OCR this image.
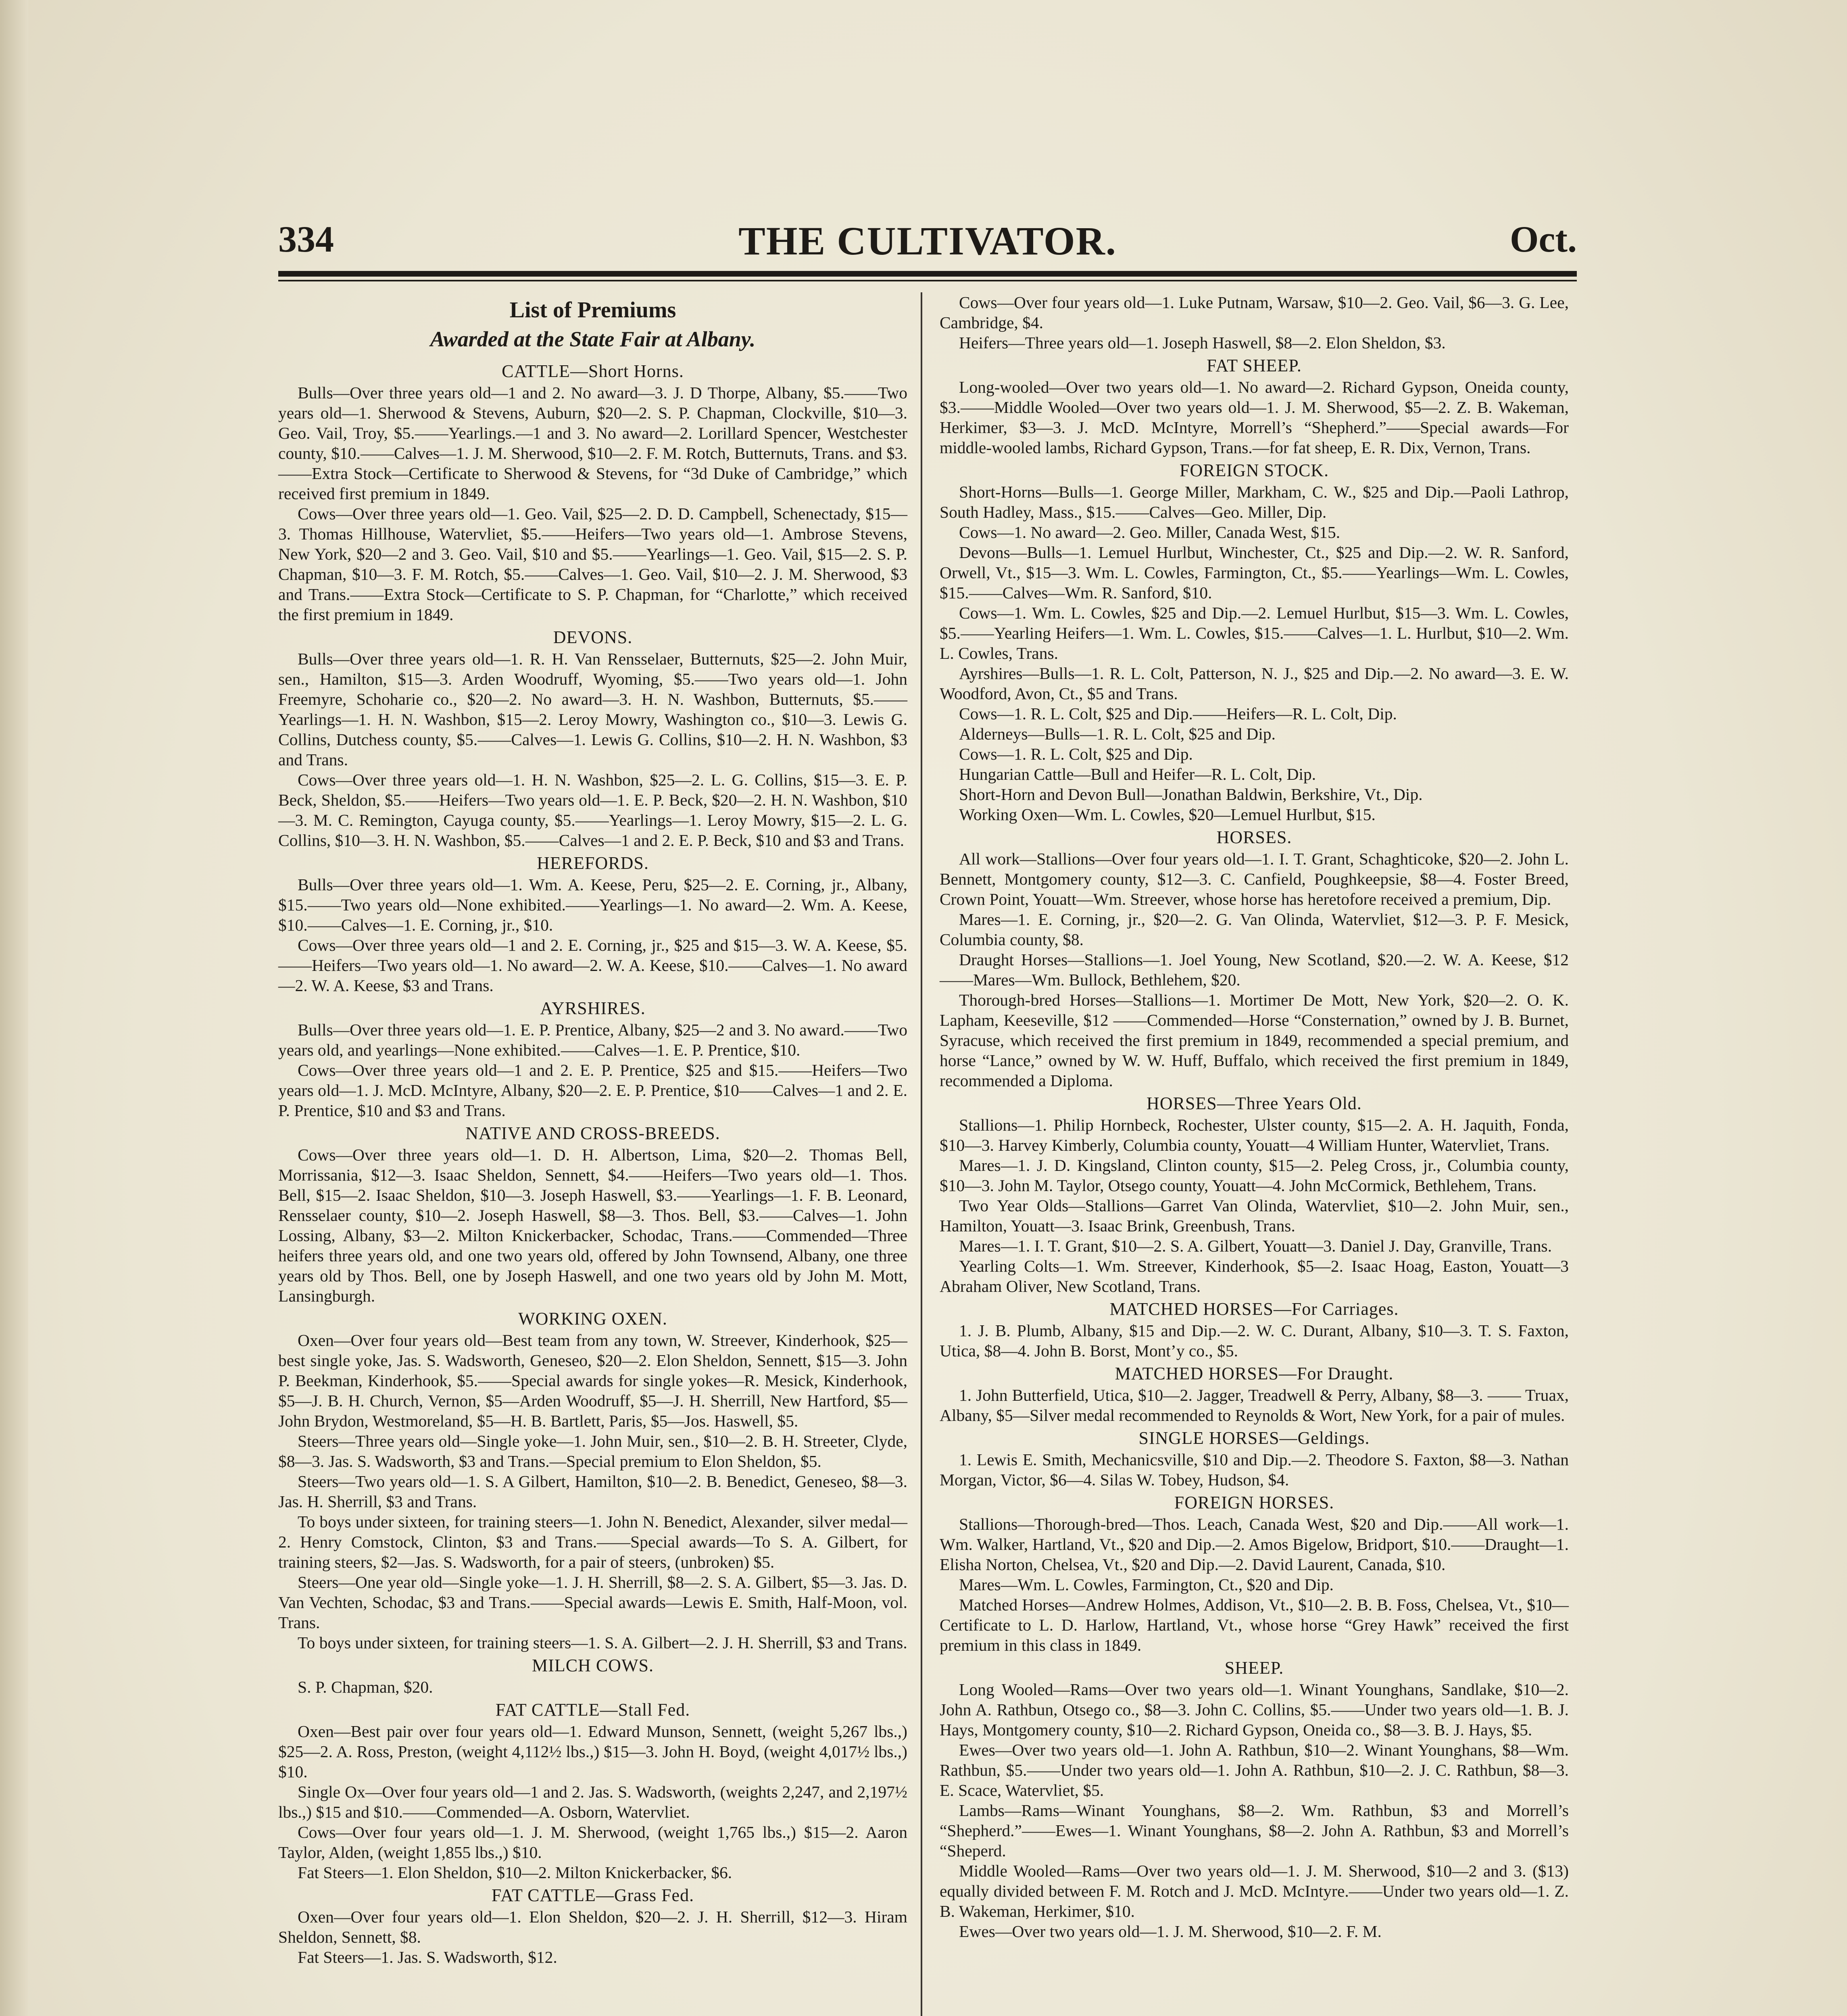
THE CULTIVATOR.
334	Oct.
List of Premiums
Awarded at the State Fair at Albany.
CATTLE—Short Horns.

Bulls—Over three years old—1 and 2. No award—3. J. D Thorpe, Albany, $5.——Two years old—1. Sherwood & Stevens, Auburn, $20—2. S. P. Chapman, Clockville, $10—3. Geo. Vail, Troy, $5.——Yearlings.—1 and 3. No award—2. Lorillard Spencer, Westchester county, $10.——Calves—1. J. M. Sherwood, $10—2. F. M. Rotch, Butternuts, Trans. and $3.——Extra Stock—Certificate to Sherwood & Stevens, for “3d Duke of Cambridge,” which received first premium in 1849.

Cows—Over three years old—1. Geo. Vail, $25—2. D. D. Campbell, Schenectady, $15—3. Thomas Hillhouse, Watervliet, $5.——Heifers—Two years old—1. Ambrose Stevens, New York, $20—2 and 3. Geo. Vail, $10 and $5.——Yearlings—1. Geo. Vail, $15—2. S. P. Chapman, $10—3. F. M. Rotch, $5.——Calves—1. Geo. Vail, $10—2. J. M. Sherwood, $3 and Trans.——Extra Stock—Certificate to S. P. Chapman, for “Charlotte,” which received the first premium in 1849.

DEVONS.

Bulls—Over three years old—1. R. H. Van Rensselaer, Butternuts, $25—2. John Muir, sen., Hamilton, $15—3. Arden Woodruff, Wyoming, $5.——Two years old—1. John Freemyre, Schoharie co., $20—2. No award—3. H. N. Washbon, Butternuts, $5.——Yearlings—1. H. N. Washbon, $15—2. Leroy Mowry, Washington co., $10—3. Lewis G. Collins, Dutchess county, $5.——Calves—1. Lewis G. Collins, $10—2. H. N. Washbon, $3 and Trans.

Cows—Over three years old—1. H. N. Washbon, $25—2. L. G. Collins, $15—3. E. P. Beck, Sheldon, $5.——Heifers—Two years old—1. E. P. Beck, $20—2. H. N. Washbon, $10—3. M. C. Remington, Cayuga county, $5.——Yearlings—1. Leroy Mowry, $15—2. L. G. Collins, $10—3. H. N. Washbon, $5.——Calves—1 and 2. E. P. Beck, $10 and $3 and Trans.

HEREFORDS.

Bulls—Over three years old—1. Wm. A. Keese, Peru, $25—2. E. Corning, jr., Albany, $15.——Two years old—None exhibited.——Yearlings—1. No award—2. Wm. A. Keese, $10.——Calves—1. E. Corning, jr., $10.

Cows—Over three years old—1 and 2. E. Corning, jr., $25 and $15—3. W. A. Keese, $5.——Heifers—Two years old—1. No award—2. W. A. Keese, $10.——Calves—1. No award—2. W. A. Keese, $3 and Trans.

AYRSHIRES.

Bulls—Over three years old—1. E. P. Prentice, Albany, $25—2 and 3. No award.——Two years old, and yearlings—None exhibited.——Calves—1. E. P. Prentice, $10.

Cows—Over three years old—1 and 2. E. P. Prentice, $25 and $15.——Heifers—Two years old—1. J. McD. McIntyre, Albany, $20—2. E. P. Prentice, $10——Calves—1 and 2. E. P. Prentice, $10 and $3 and Trans.

NATIVE AND CROSS-BREEDS.

Cows—Over three years old—1. D. H. Albertson, Lima, $20—2. Thomas Bell, Morrissania, $12—3. Isaac Sheldon, Sennett, $4.——Heifers—Two years old—1. Thos. Bell, $15—2. Isaac Sheldon, $10—3. Joseph Haswell, $3.——Yearlings—1. F. B. Leonard, Rensselaer county, $10—2. Joseph Haswell, $8—3. Thos. Bell, $3.——Calves—1. John Lossing, Albany, $3—2. Milton Knickerbacker, Schodac, Trans.——Commended—Three heifers three years old, and one two years old, offered by John Townsend, Albany, one three years old by Thos. Bell, one by Joseph Haswell, and one two years old by John M. Mott, Lansingburgh.

WORKING OXEN.

Oxen—Over four years old—Best team from any town, W. Streever, Kinderhook, $25—best single yoke, Jas. S. Wadsworth, Geneseo, $20—2. Elon Sheldon, Sennett, $15—3. John P. Beekman, Kinderhook, $5.——Special awards for single yokes—R. Mesick, Kinderhook, $5—J. B. H. Church, Vernon, $5—Arden Woodruff, $5—J. H. Sherrill, New Hartford, $5—John Brydon, Westmoreland, $5—H. B. Bartlett, Paris, $5—Jos. Haswell, $5.

Steers—Three years old—Single yoke—1. John Muir, sen., $10—2. B. H. Streeter, Clyde, $8—3. Jas. S. Wadsworth, $3 and Trans.—Special premium to Elon Sheldon, $5.

Steers—Two years old—1. S. A Gilbert, Hamilton, $10—2. B. Benedict, Geneseo, $8—3. Jas. H. Sherrill, $3 and Trans.

To boys under sixteen, for training steers—1. John N. Benedict, Alexander, silver medal—2. Henry Comstock, Clinton, $3 and Trans.——Special awards—To S. A. Gilbert, for training steers, $2—Jas. S. Wadsworth, for a pair of steers, (unbroken) $5.

Steers—One year old—Single yoke—1. J. H. Sherrill, $8—2. S. A. Gilbert, $5—3. Jas. D. Van Vechten, Schodac, $3 and Trans.——Special awards—Lewis E. Smith, Half-Moon, vol. Trans.

To boys under sixteen, for training steers—1. S. A. Gilbert—2. J. H. Sherrill, $3 and Trans.

MILCH COWS.

S. P. Chapman, $20.

FAT CATTLE—Stall Fed.

Oxen—Best pair over four years old—1. Edward Munson, Sennett, (weight 5,267 lbs.,) $25—2. A. Ross, Preston, (weight 4,112½ lbs.,) $15—3. John H. Boyd, (weight 4,017½ lbs.,) $10.

Single Ox—Over four years old—1 and 2. Jas. S. Wadsworth, (weights 2,247, and 2,197½ lbs.,) $15 and $10.——Commended—A. Osborn, Watervliet.

Cows—Over four years old—1. J. M. Sherwood, (weight 1,765 lbs.,) $15—2. Aaron Taylor, Alden, (weight 1,855 lbs.,) $10.

Fat Steers—1. Elon Sheldon, $10—2. Milton Knickerbacker, $6.

FAT CATTLE—Grass Fed.

Oxen—Over four years old—1. Elon Sheldon, $20—2. J. H. Sherrill, $12—3. Hiram Sheldon, Sennett, $8.

Fat Steers—1. Jas. S. Wadsworth, $12.

Cows—Over four years old—1. Luke Putnam, Warsaw, $10—2. Geo. Vail, $6—3. G. Lee, Cambridge, $4.

Heifers—Three years old—1. Joseph Haswell, $8—2. Elon Sheldon, $3.

FAT SHEEP.

Long-wooled—Over two years old—1. No award—2. Richard Gypson, Oneida county, $3.——Middle Wooled—Over two years old—1. J. M. Sherwood, $5—2. Z. B. Wakeman, Herkimer, $3—3. J. McD. McIntyre, Morrell’s “Shepherd.”——Special awards—For middle-wooled lambs, Richard Gypson, Trans.—for fat sheep, E. R. Dix, Vernon, Trans.

FOREIGN STOCK.

Short-Horns—Bulls—1. George Miller, Markham, C. W., $25 and Dip.—Paoli Lathrop, South Hadley, Mass., $15.——Calves—Geo. Miller, Dip.

Cows—1. No award—2. Geo. Miller, Canada West, $15.

Devons—Bulls—1. Lemuel Hurlbut, Winchester, Ct., $25 and Dip.—2. W. R. Sanford, Orwell, Vt., $15—3. Wm. L. Cowles, Farmington, Ct., $5.——Yearlings—Wm. L. Cowles, $15.——Calves—Wm. R. Sanford, $10.

Cows—1. Wm. L. Cowles, $25 and Dip.—2. Lemuel Hurlbut, $15—3. Wm. L. Cowles, $5.——Yearling Heifers—1. Wm. L. Cowles, $15.——Calves—1. L. Hurlbut, $10—2. Wm. L. Cowles, Trans.

Ayrshires—Bulls—1. R. L. Colt, Patterson, N. J., $25 and Dip.—2. No award—3. E. W. Woodford, Avon, Ct., $5 and Trans.

Cows—1. R. L. Colt, $25 and Dip.——Heifers—R. L. Colt, Dip.

Alderneys—Bulls—1. R. L. Colt, $25 and Dip.

Cows—1. R. L. Colt, $25 and Dip.

Hungarian Cattle—Bull and Heifer—R. L. Colt, Dip.

Short-Horn and Devon Bull—Jonathan Baldwin, Berkshire, Vt., Dip.

Working Oxen—Wm. L. Cowles, $20—Lemuel Hurlbut, $15.

HORSES.

All work—Stallions—Over four years old—1. I. T. Grant, Schaghticoke, $20—2. John L. Bennett, Montgomery county, $12—3. C. Canfield, Poughkeepsie, $8—4. Foster Breed, Crown Point, Youatt—Wm. Streever, whose horse has heretofore received a premium, Dip.

Mares—1. E. Corning, jr., $20—2. G. Van Olinda, Watervliet, $12—3. P. F. Mesick, Columbia county, $8.

Draught Horses—Stallions—1. Joel Young, New Scotland, $20.—2. W. A. Keese, $12 ——Mares—Wm. Bullock, Bethlehem, $20.

Thorough-bred Horses—Stallions—1. Mortimer De Mott, New York, $20—2. O. K. Lapham, Keeseville, $12 ——Commended—Horse “Consternation,” owned by J. B. Burnet, Syracuse, which received the first premium in 1849, recommended a special premium, and horse “Lance,” owned by W. W. Huff, Buffalo, which received the first premium in 1849, recommended a Diploma.

HORSES—Three Years Old.

Stallions—1. Philip Hornbeck, Rochester, Ulster county, $15—2. A. H. Jaquith, Fonda, $10—3. Harvey Kimberly, Columbia county, Youatt—4 William Hunter, Watervliet, Trans.

Mares—1. J. D. Kingsland, Clinton county, $15—2. Peleg Cross, jr., Columbia county, $10—3. John M. Taylor, Otsego county, Youatt—4. John McCormick, Bethlehem, Trans.

Two Year Olds—Stallions—Garret Van Olinda, Watervliet, $10—2. John Muir, sen., Hamilton, Youatt—3. Isaac Brink, Greenbush, Trans.

Mares—1. I. T. Grant, $10—2. S. A. Gilbert, Youatt—3. Daniel J. Day, Granville, Trans.

Yearling Colts—1. Wm. Streever, Kinderhook, $5—2. Isaac Hoag, Easton, Youatt—3 Abraham Oliver, New Scotland, Trans.

MATCHED HORSES—For Carriages.

1. J. B. Plumb, Albany, $15 and Dip.—2. W. C. Durant, Albany, $10—3. T. S. Faxton, Utica, $8—4. John B. Borst, Mont’y co., $5.

MATCHED HORSES—For Draught.

1. John Butterfield, Utica, $10—2. Jagger, Treadwell & Perry, Albany, $8—3. —— Truax, Albany, $5—Silver medal recommended to Reynolds & Wort, New York, for a pair of mules.

SINGLE HORSES—Geldings.

1. Lewis E. Smith, Mechanicsville, $10 and Dip.—2. Theodore S. Faxton, $8—3. Nathan Morgan, Victor, $6—4. Silas W. Tobey, Hudson, $4.

FOREIGN HORSES.

Stallions—Thorough-bred—Thos. Leach, Canada West, $20 and Dip.——All work—1. Wm. Walker, Hartland, Vt., $20 and Dip.—2. Amos Bigelow, Bridport, $10.——Draught—1. Elisha Norton, Chelsea, Vt., $20 and Dip.—2. David Laurent, Canada, $10.

Mares—Wm. L. Cowles, Farmington, Ct., $20 and Dip.

Matched Horses—Andrew Holmes, Addison, Vt., $10—2. B. B. Foss, Chelsea, Vt., $10—Certificate to L. D. Harlow, Hartland, Vt., whose horse “Grey Hawk” received the first premium in this class in 1849.

SHEEP.

Long Wooled—Rams—Over two years old—1. Winant Younghans, Sandlake, $10—2. John A. Rathbun, Otsego co., $8—3. John C. Collins, $5.——Under two years old—1. B. J. Hays, Montgomery county, $10—2. Richard Gypson, Oneida co., $8—3. B. J. Hays, $5.

Ewes—Over two years old—1. John A. Rathbun, $10—2. Winant Younghans, $8—Wm. Rathbun, $5.——Under two years old—1. John A. Rathbun, $10—2. J. C. Rathbun, $8—3. E. Scace, Watervliet, $5.

Lambs—Rams—Winant Younghans, $8—2. Wm. Rathbun, $3 and Morrell’s “Shepherd.”——Ewes—1. Winant Younghans, $8—2. John A. Rathbun, $3 and Morrell’s “Sheperd.

Middle Wooled—Rams—Over two years old—1. J. M. Sherwood, $10—2 and 3. ($13) equally divided between F. M. Rotch and J. McD. McIntyre.——Under two years old—1. Z. B. Wakeman, Herkimer, $10.

Ewes—Over two years old—1. J. M. Sherwood, $10—2. F. M.
